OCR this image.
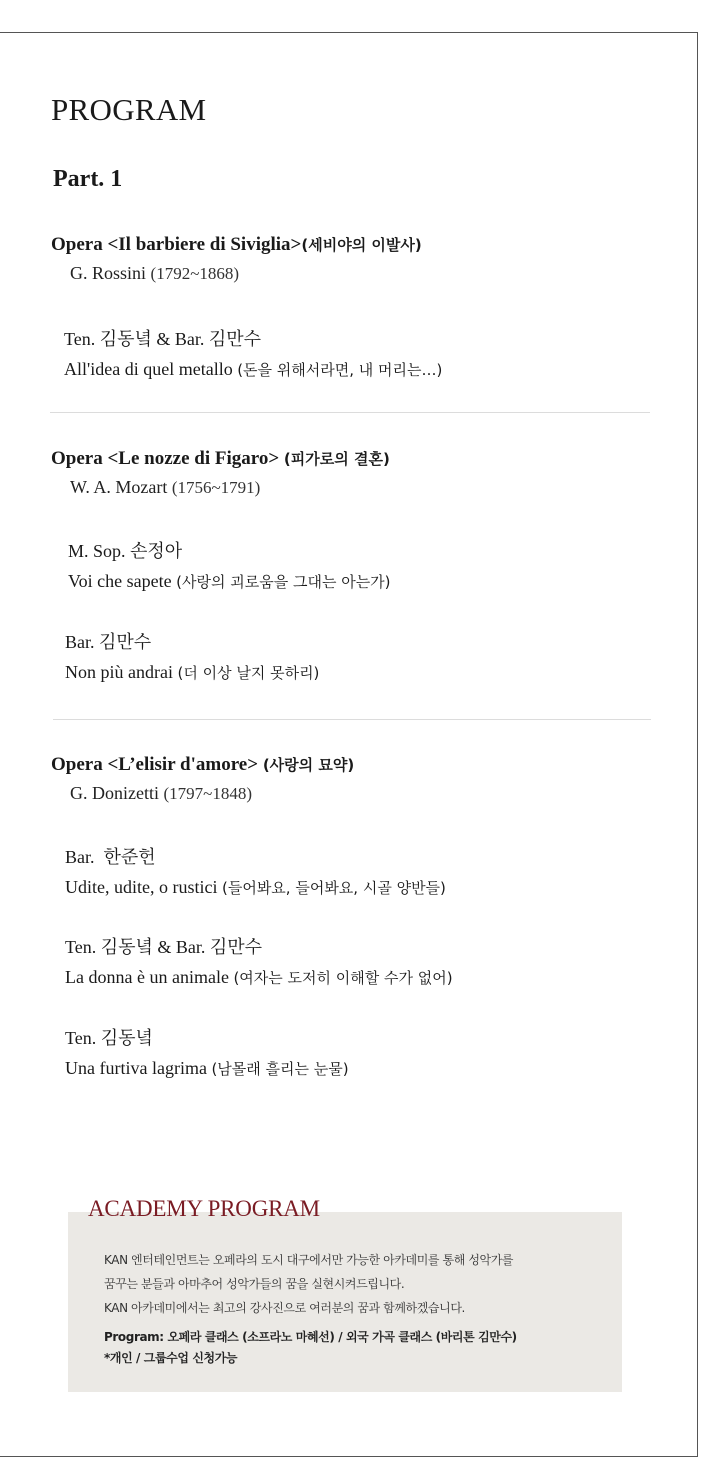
PROGRAM
Part. 1

Opera <Il barbiere di Siviglia>(세비야의 이발사)

G. Rossini (1792~1868)

Ten. 김동녘 & Bar. 김만수

All'idea di quel metallo (돈을 위해서라면, 내 머리는…)

Opera <Le nozze di Figaro> (피가로의 결혼)

W. A. Mozart (1756~1791)

M. Sop. 손정아

Voi che sapete (사랑의 괴로움을 그대는 아는가)

Bar. 김만수

Non più andrai (더 이상 날지 못하리)

Opera <L’elisir d'amore> (사랑의 묘약)

G. Donizetti (1797~1848)

Bar.  한준헌

Udite, udite, o rustici (들어봐요, 들어봐요, 시골 양반들)

Ten. 김동녘 & Bar. 김만수

La donna è un animale (여자는 도저히 이해할 수가 없어)

Ten. 김동녘

Una furtiva lagrima (남몰래 흘리는 눈물)

ACADEMY PROGRAM

KAN 엔터테인먼트는 오페라의 도시 대구에서만 가능한 아카데미를 통해 성악가를

꿈꾸는 분들과 아마추어 성악가들의 꿈을 실현시켜드립니다.

KAN 아카데미에서는 최고의 강사진으로 여러분의 꿈과 함께하겠습니다.

Program: 오페라 클래스 (소프라노 마혜선) / 외국 가곡 클래스 (바리톤 김만수)

*개인 / 그룹수업 신청가능
